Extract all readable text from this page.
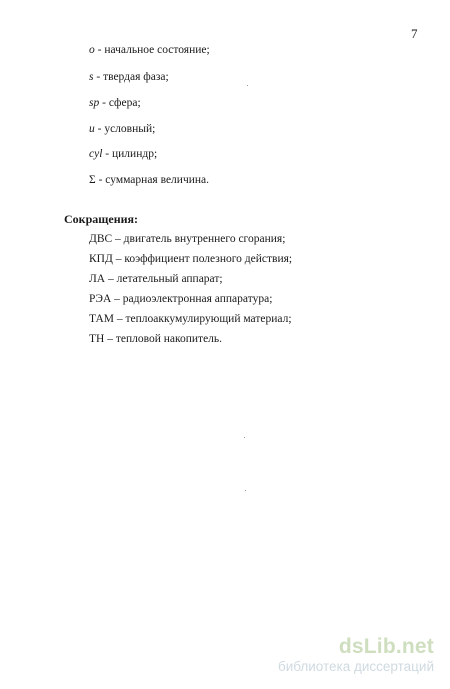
7
o - начальное состояние;
s - твердая фаза;
sp - сфера;
u - условный;
cyl - цилиндр;
Σ - суммарная величина.
Сокращения:
ДВС – двигатель внутреннего сгорания;
КПД – коэффициент полезного действия;
ЛА – летательный аппарат;
РЭА – радиоэлектронная аппаратура;
ТАМ – теплоаккумулирующий материал;
ТН – тепловой накопитель.
dsLib.net
библиотека диссертаций
